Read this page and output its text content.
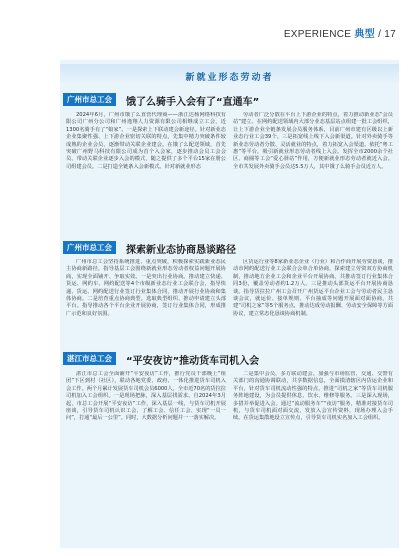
EXPERIENCE 典型 / 17
新就业形态劳动者
广州市总工会	饿了么骑手入会有了“直通车”

2024年6月，广州市饿了么直营代理商——浙江达杨网络科技有限公司广州分公司和广州逸翔人力资源有限公司相继成立工会，近1300名骑手有了“娘家”。一是探索上下联动建会新途径。针对新业态企业集聚性强、上下游企业密切关联的特点，先集中精力突破条件较成熟的企业会员，逐渐带动关联企业建会。在饿了么配送领域，首先突破广州野马科技有限公司成为首个入会家，逐步推动会员工会会员、带动关联企业逐步入会的模式，随之提供了多个平台15家在册公司组建会员。二是打造全链条入会新模式。针对新就业形态

劳动者广泛分散在平台上下游企业的特点，着力推动新业态“会员站”建立。在网约配送领域内大部分业态基层站点组建一批工会组织，让上下游企业全链条发展会员服务体系，目前广州市建有区级以上新业态行业工会39个。三是拓宽线上线下入会新渠道。针对外卖骑手等新业态劳动者分散、灵活就业的特点，着力拓宽入会渠道。依托“粤工惠”等平台，吸引新就业形态劳动者线上入会。发挥全市2000余个社区、商圈等工会“爱心驿站”作用，方便新就业形态劳动者就近入会。全市共发展外卖骑手会员达5.5万人，其中饿了么骑手会员近万人。

广州市总工会	探索新业态协商恳谈路径

广州市总工会坚持系统推进、重点突破，积极探索实践新业态民主协商新路径，指导基层工会围绕新就业形态劳动者权益问题开展协商，实现全面铺开、争取实效。一是突出行业协商。推动建立快递、货运、网约车、网约配送等4个市级新业态行业工会联合会，指导快递、货运、网约配送行业签订行业集体合同，推动开展行业协商和集体协商。二是培育重点协商典型。选取典型组织、推动申请建立头部平台。指导推动各个平台企业开展协商，签订行业集体合同，形成推广示范和良好氛围。

区货运行业等8家新业态企业（行业）和合作商开展劳资恳谈，推动市网约配送行业工会联合会单合单协商，探索建立劳资双方协商机制，推动地方企业工会和企业平台开展协商。共推动签订行业集体合同3份，覆盖劳动者约1.2万人。三是推动头部货运平台开展协商恳谈。指导货拉拉广州工会召开广州货运平台企业工会与劳动者民主恳谈会议，就运价、接单规则、平台抽成等问题开展面对面协商，共建“司机之家”等5个服务点，推动达成劳动报酬、劳动安全保障等方面协议，建立常态化恳谈协商机制。

湛江市总工会	“平安夜访”推动货车司机入会

湛江市总工会全面铺开“平安夜访”工作，推行党员干部晚上“组团”下区到村（社区），联动各地党委、政府、一体化推进货车司机入会工作。两个月累计发展货车司机会员6000人，全市近70名的货拉拉司机加入工会组织。一是现场把脉，深入基层找需求。自2024年3月起，市总工会开展“平安夜访”工作，深入基层一线，与货车司机开展座谈，引导货车司机认识工会、了解工会、信任工会、实现“一员一问”，打通“最后一公里”。同时，大数据分析问题并一一落实解决。

二是集中会员，多方联动建会。加强与市场监管、交通、交警有关部门的沟通协调联动，共享数据信息，全面摸清辖区内货运企业和平台，针对货车司机流动性强的特点，推进“司机之家”等货车司机服务阵地建设，为会员提供休息、饮水、维修等服务。三是深入现场，多措并举促进入会。通过“流动服务车”“夜访”服务，精准对接货车司机，与货车司机面对面交流，发放入会宣传资料，现场办理入会手续。在货运集散地设立宣传点，引导货车司机实名加入工会组织。
